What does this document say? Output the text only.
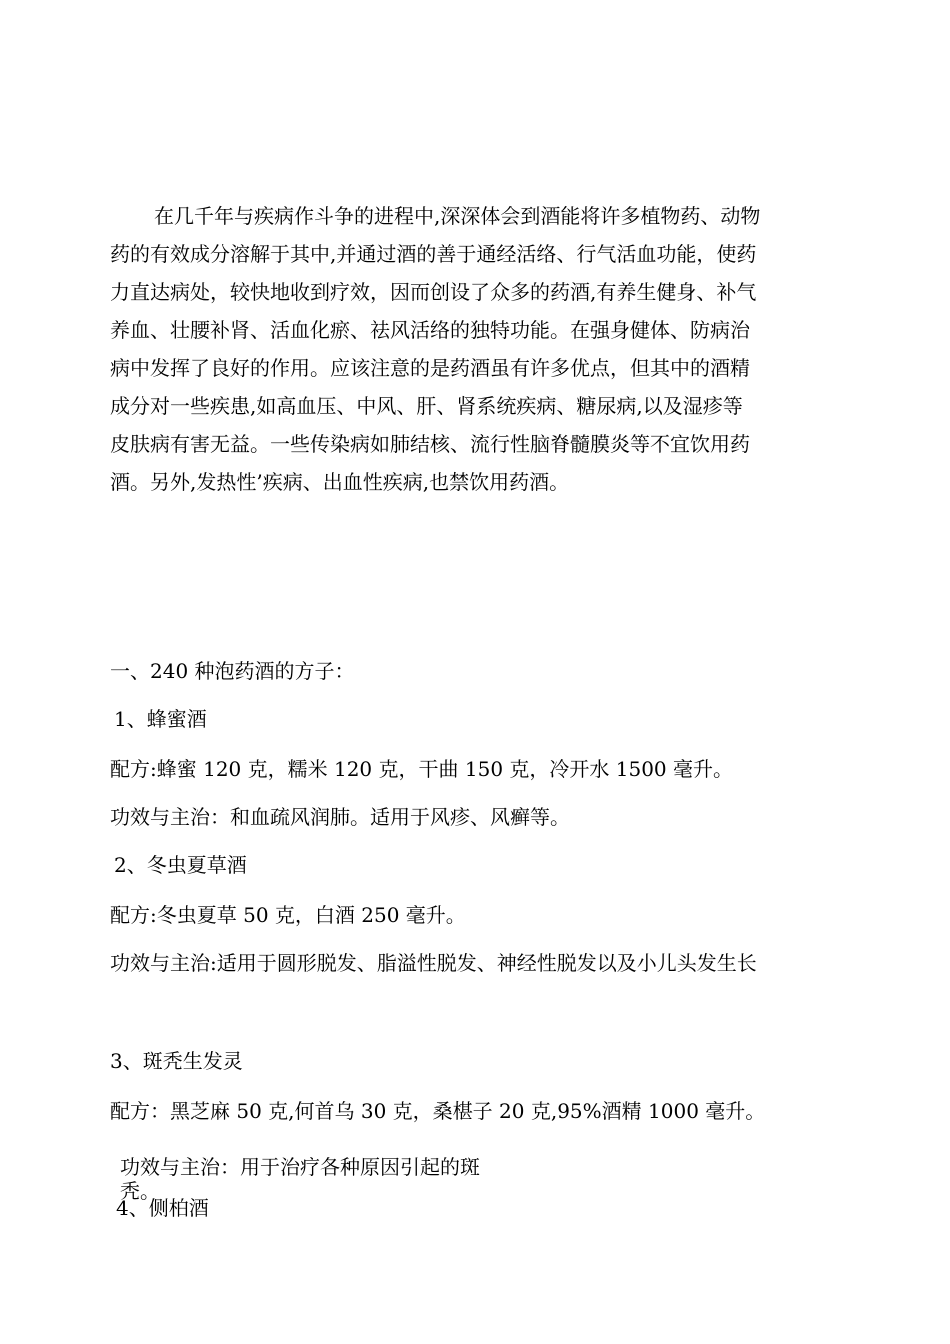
在几千年与疾病作斗争的进程中,深深体会到酒能将许多植物药、动物
药的有效成分溶解于其中,并通过酒的善于通经活络、行气活血功能，使药
力直达病处，较快地收到疗效，因而创设了众多的药酒,有养生健身、补气
养血、壮腰补肾、活血化瘀、祛风活络的独特功能。在强身健体、防病治
病中发挥了良好的作用。应该注意的是药酒虽有许多优点，但其中的酒精
成分对一些疾患,如高血压、中风、肝、肾系统疾病、糖尿病,以及湿疹等
皮肤病有害无益。一些传染病如肺结核、流行性脑脊髓膜炎等不宜饮用药
酒。另外,发热性’疾病、出血性疾病,也禁饮用药酒。

一、240 种泡药酒的方子：

1、蜂蜜酒

配方:蜂蜜 120 克，糯米 120 克，干曲 150 克，冷开水 1500 毫升。

功效与主治：和血疏风润肺。适用于风疹、风癣等。

2、冬虫夏草酒

配方:冬虫夏草 50 克，白酒 250 毫升。

功效与主治:适用于圆形脱发、脂溢性脱发、神经性脱发以及小儿头发生长

3、斑秃生发灵

配方：黑芝麻 50 克,何首乌 30 克，桑椹子 20 克,95%酒精 1000 毫升。

功效与主治：用于治疗各种原因引起的斑

秃。

4、侧柏酒
